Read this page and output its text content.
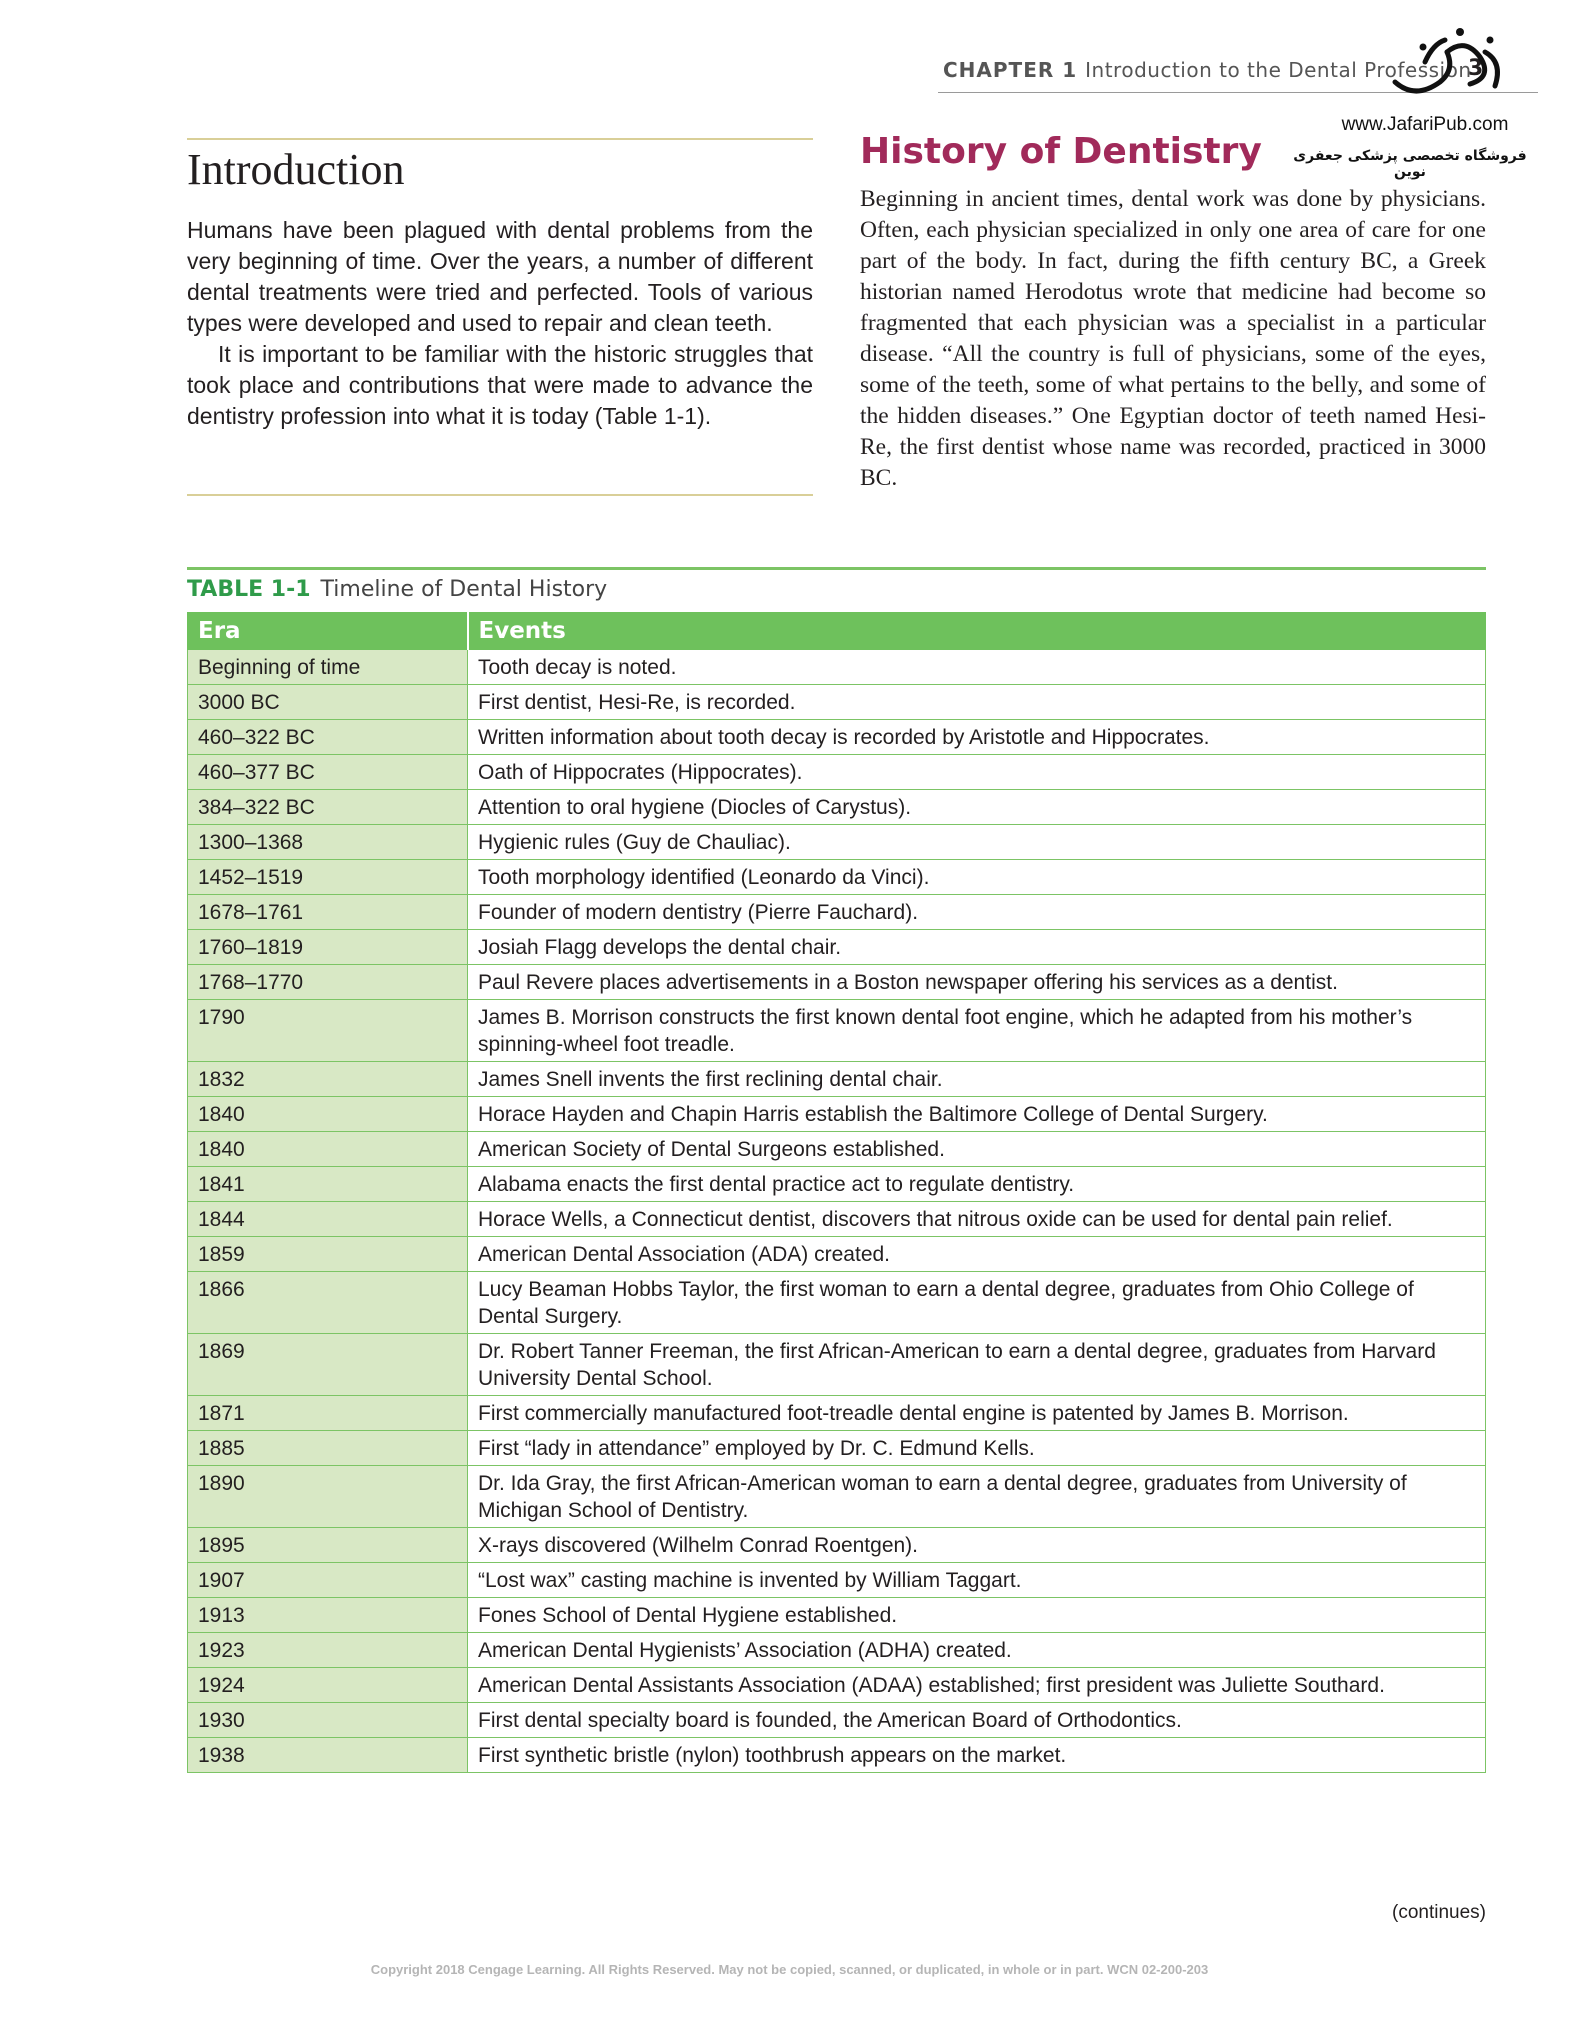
CHAPTER 1 Introduction to the Dental Profession
3
www.JafariPub.com
فروشگاه تخصصی پزشکی جعفری نوین
Introduction

Humans have been plagued with dental problems from the very beginning of time. Over the years, a number of different dental treatments were tried and perfected. Tools of various types were developed and used to repair and clean teeth.

It is important to be familiar with the historic struggles that took place and contributions that were made to advance the dentistry profession into what it is today (Table 1-1).

History of Dentistry

Beginning in ancient times, dental work was done by physicians. Often, each physician specialized in only one area of care for one part of the body. In fact, during the fifth century BC, a Greek historian named Herodotus wrote that medicine had become so fragmented that each physician was a specialist in a particular disease. “All the country is full of physicians, some of the eyes, some of the teeth, some of what pertains to the belly, and some of the hidden diseases.” One Egyptian doctor of teeth named Hesi-Re, the first dentist whose name was recorded, practiced in 3000 BC.

TABLE 1-1 Timeline of Dental History
Era	Events
Beginning of time	Tooth decay is noted.
3000 BC	First dentist, Hesi-Re, is recorded.
460–322 BC	Written information about tooth decay is recorded by Aristotle and Hippocrates.
460–377 BC	Oath of Hippocrates (Hippocrates).
384–322 BC	Attention to oral hygiene (Diocles of Carystus).
1300–1368	Hygienic rules (Guy de Chauliac).
1452–1519	Tooth morphology identified (Leonardo da Vinci).
1678–1761	Founder of modern dentistry (Pierre Fauchard).
1760–1819	Josiah Flagg develops the dental chair.
1768–1770	Paul Revere places advertisements in a Boston newspaper offering his services as a dentist.
1790	James B. Morrison constructs the first known dental foot engine, which he adapted from his mother’s spinning-wheel foot treadle.
1832	James Snell invents the first reclining dental chair.
1840	Horace Hayden and Chapin Harris establish the Baltimore College of Dental Surgery.
1840	American Society of Dental Surgeons established.
1841	Alabama enacts the first dental practice act to regulate dentistry.
1844	Horace Wells, a Connecticut dentist, discovers that nitrous oxide can be used for dental pain relief.
1859	American Dental Association (ADA) created.
1866	Lucy Beaman Hobbs Taylor, the first woman to earn a dental degree, graduates from Ohio College of Dental Surgery.
1869	Dr. Robert Tanner Freeman, the first African-American to earn a dental degree, graduates from Harvard University Dental School.
1871	First commercially manufactured foot-treadle dental engine is patented by James B. Morrison.
1885	First “lady in attendance” employed by Dr. C. Edmund Kells.
1890	Dr. Ida Gray, the first African-American woman to earn a dental degree, graduates from University of Michigan School of Dentistry.
1895	X-rays discovered (Wilhelm Conrad Roentgen).
1907	“Lost wax” casting machine is invented by William Taggart.
1913	Fones School of Dental Hygiene established.
1923	American Dental Hygienists’ Association (ADHA) created.
1924	American Dental Assistants Association (ADAA) established; first president was Juliette Southard.
1930	First dental specialty board is founded, the American Board of Orthodontics.
1938	First synthetic bristle (nylon) toothbrush appears on the market.
(continues)
Copyright 2018 Cengage Learning. All Rights Reserved. May not be copied, scanned, or duplicated, in whole or in part. WCN 02-200-203
